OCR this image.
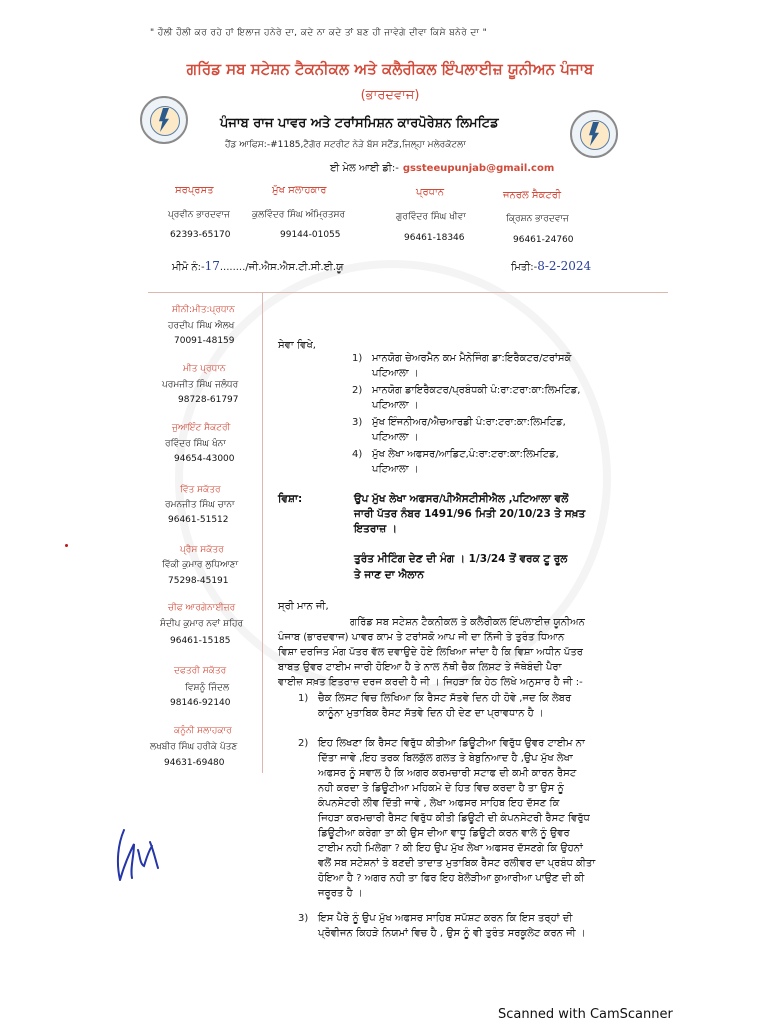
" ਹੌਲੀ ਹੌਲੀ ਕਰ ਰਹੇ ਹਾਂ ਇਲਾਜ ਹਨੇਰੇ ਦਾ, ਕਦੇ ਨਾ ਕਦੇ ਤਾਂ ਬਣ ਹੀ ਜਾਵੇਗੇ ਦੀਵਾ ਕਿਸੇ ਬਨੇਰੇ ਦਾ "
ਗਰਿੱਡ ਸਬ ਸਟੇਸ਼ਨ ਟੈਕਨੀਕਲ ਅਤੇ ਕਲੈਰੀਕਲ ਇੰਪਲਾਈਜ਼ ਯੂਨੀਅਨ ਪੰਜਾਬ
(ਭਾਰਦਵਾਜ)
ਪੰਜਾਬ ਰਾਜ ਪਾਵਰ ਅਤੇ ਟਰਾਂਸਮਿਸ਼ਨ ਕਾਰਪੋਰੇਸ਼ਨ ਲਿਮਟਿਡ
ਹੈਂਡ ਆਫਿਸ:-#1185,ਟੈਗੋਰ ਸਟਰੀਟ ਨੇੜੇ ਬੱਸ ਸਟੈਂਡ,ਜਿਲ੍ਹਾ ਮਲੇਰਕੋਟਲਾ
ਈ ਮੇਲ ਆਈ ਡੀ:- gssteeupunjab@gmail.com
ਸਰਪ੍ਰਸਤ
ਪ੍ਰਵੀਨ ਭਾਰਦਵਾਜ
62393-65170
ਮੁੱਖ ਸਲਾਹਕਾਰ
ਕੁਲਵਿੰਦਰ ਸਿੰਘ ਅੰਮ੍ਰਿਤਸਰ
99144-01055
ਪ੍ਰਧਾਨ
ਗੁਰਵਿੰਦਰ ਸਿੰਘ ਖੀਵਾ
96461-18346
ਜਨਰਲ ਸੈਕਟਰੀ
ਕ੍ਰਿਸ਼ਨ ਭਾਰਦਵਾਜ
96461-24760
ਮੀਮੋ ਨੰ:-17......../ਜੀ.ਐਸ.ਐਸ.ਟੀ.ਸੀ.ਈ.ਯੂ	ਮਿਤੀ:-8-2-2024
ਸੀਨੀ:ਮੀਤ:ਪ੍ਰਧਾਨ
ਹਰਦੀਪ ਸਿੰਘ ਐਲਖ
70091-48159
ਮੀਤ ਪ੍ਰਧਾਨ
ਪਰਮਜੀਤ ਸਿੰਘ ਜਲੰਧਰ
98728-61797
ਜੁਆਇੰਟ ਸੈਕਟਰੀ
ਰਵਿੰਦਰ ਸਿੰਘ ਖੰਨਾ
94654-43000
ਵਿੱਤ ਸਕੱਤਰ
ਰਮਨਜੀਤ ਸਿੰਘ ਚਾਨਾ
96461-51512
ਪ੍ਰੈਸ ਸਕੱਤਰ
ਵਿੱਕੀ ਕੁਮਾਰ ਲੁਧਿਆਣਾ
75298-45191
ਚੀਫ ਆਰਗੇਨਾਈਜ਼ਰ
ਸੰਦੀਪ ਕੁਮਾਰ ਨਵਾਂ ਸ਼ਹਿਰ
96461-15185
ਦਫਤਰੀ ਸਕੱਤਰ
ਵਿਸ਼ਨੂੰ ਜਿੰਦਲ
98146-92140
ਕਨੂੰਨੀ ਸਲਾਹਕਾਰ
ਲਖਬੀਰ ਸਿੰਘ ਹਰੀਕੇ ਪੱਤਣ
94631-69480
ਸੇਵਾ ਵਿਖੇ,
1) ਮਾਨਯੋਗ ਚੇਅਰਮੈਨ ਕਮ ਮੈਨੇਜਿੰਗ ਡਾ:ਇਰੈਕਟਰ/ਟਰਾਂਸਕੋ
ਪਟਿਆਲਾ ।
2) ਮਾਨਯੋਗ ਡਾਇਰੈਕਟਰ/ਪ੍ਰਬੰਧਕੀ ਪੰ:ਰਾ:ਟਰਾ:ਕਾ:ਲਿਮਟਿਡ,
ਪਟਿਆਲਾ ।
3) ਮੁੱਖ ਇੰਜਨੀਅਰ/ਐਚਆਰਡੀ ਪੰ:ਰਾ:ਟਰਾ:ਕਾ:ਲਿਮਟਿਡ,
ਪਟਿਆਲਾ ।
4) ਮੁੱਖ ਲੇਖਾ ਅਫਸਰ/ਆਡਿਟ,ਪੰ:ਰਾ:ਟਰਾ:ਕਾ:ਲਿਮਟਿਡ,
ਪਟਿਆਲਾ ।
ਵਿਸ਼ਾ:	ਉਪ ਮੁੱਖ ਲੇਖਾ ਅਫਸਰ/ਪੀਐਸਟੀਸੀਐਲ ,ਪਟਿਆਲਾ ਵਲੋਂ
ਜਾਰੀ ਪੱਤਰ ਨੰਬਰ 1491/96 ਮਿਤੀ 20/10/23 ਤੇ ਸਖ਼ਤ
ਇਤਰਾਜ਼ ।
ਤੁਰੰਤ ਮੀਟਿੰਗ ਦੇਣ ਦੀ ਮੰਗ । 1/3/24 ਤੋਂ ਵਰਕ ਟੂ ਰੂਲ
ਤੇ ਜਾਣ ਦਾ ਐਲਾਨ
ਸ੍ਰੀ ਮਾਨ ਜੀ,
ਗਰਿੱਡ ਸਬ ਸਟੇਸ਼ਨ ਟੈਕਨੀਕਲ ਤੇ ਕਲੈਰੀਕਲ ਇੰਪਲਾਈਜ਼ ਯੂਨੀਅਨ
ਪੰਜਾਬ (ਭਾਰਦਵਾਜ) ਪਾਵਰ ਕਾਮ ਤੇ ਟਰਾਂਸਕੋ ਆਪ ਜੀ ਦਾ ਨਿੱਜੀ ਤੇ ਤੁਰੰਤ ਧਿਆਨ
ਵਿਸ਼ਾ ਦਰਜਿਤ ਮੰਗ ਪੱਤਰ ਵੱਲ ਦਵਾਉਦੇ ਹੋਏ ਲਿਖਿਆ ਜਾਂਦਾ ਹੈ ਕਿ ਵਿਸ਼ਾ ਅਧੀਨ ਪੱਤਰ
ਬਾਬਤ ਉਵਰ ਟਾਈਮ ਜਾਰੀ ਹੋਇਆ ਹੈ ਤੇ ਨਾਲ ਨੱਥੀ ਚੈਕ ਲਿਸਟ ਤੇ ਜੱਥੇਬੰਦੀ ਪੈਰਾ
ਵਾਈਜ਼ ਸਖ਼ਤ ਇਤਰਾਜ਼ ਦਰਜ ਕਰਦੀ ਹੈ ਜੀ । ਜਿਹੜਾ ਕਿ ਹੇਠ ਲਿਖੇ ਅਨੁਸਾਰ ਹੈ ਜੀ :-
1) ਚੈਕ ਲਿਸਟ ਵਿਚ ਲਿਖਿਆ ਕਿ ਰੈਸਟ ਸੱਤਵੇ ਦਿਨ ਹੀ ਹੋਵੇ ,ਜਦ ਕਿ ਲੇਬਰ
ਕਾਨੂੰਨਾ ਮੁਤਾਬਿਕ ਰੈਸਟ ਸੱਤਵੇ ਦਿਨ ਹੀ ਦੇਣ ਦਾ ਪ੍ਰਾਵਧਾਨ ਹੈ ।
2) ਇਹ ਲਿਖਣਾ ਕਿ ਰੈਸਟ ਵਿਰੁੱਧ ਕੀਤੀਆ ਡਿਊਟੀਆ ਵਿਰੁੱਧ ਉਵਰ ਟਾਈਮ ਨਾ
ਦਿੱਤਾ ਜਾਵੇ ,ਇਹ ਤਰਕ ਬਿਲਕੁੱਲ ਗਲਤ ਤੇ ਬੇਬੁਨਿਆਦ ਹੈ ,ਉਪ ਮੁੱਖ ਲੇਖਾ
ਅਫਸਰ ਨੂੰ ਸਵਾਲ ਹੈ ਕਿ ਅਗਰ ਕਰਮਚਾਰੀ ਸਟਾਫ ਦੀ ਕਮੀ ਕਾਰਨ ਰੈਸਟ
ਨਹੀ ਕਰਦਾ ਤੇ ਡਿਊਟੀਆ ਮਹਿਕਮੇ ਦੇ ਹਿਤ ਵਿਚ ਕਰਦਾ ਹੈ ਤਾ ਉਸ ਨੂੰ
ਕੰਪਨਸੇਟਰੀ ਲੀਵ ਦਿੱਤੀ ਜਾਵੇ , ਲੇਖਾ ਅਫਸਰ ਸਾਹਿਬ ਇਹ ਦੱਸਣ ਕਿ
ਜਿਹੜਾ ਕਰਮਚਾਰੀ ਰੈਸਟ ਵਿਰੁੱਧ ਕੀਤੀ ਡਿਊਟੀ ਦੀ ਕੰਪਨਸੇਟਰੀ ਰੈਸਟ ਵਿਰੁੱਧ
ਡਿਊਟੀਆ ਕਰੇਗਾ ਤਾ ਕੀ ਉਸ ਦੀਆ ਵਾਧੂ ਡਿਊਟੀ ਕਰਨ ਵਾਲੇ ਨੂੰ ਉਵਰ
ਟਾਈਮ ਨਹੀ ਮਿਲੇਗਾ ? ਕੀ ਇਹ ਉਪ ਮੁੱਖ ਲੇਖਾ ਅਫਸਰ ਦੱਸਣਗੇ ਕਿ ਉਹਨਾਂ
ਵਲੋਂ ਸਬ ਸਟੇਸ਼ਨਾਂ ਤੇ ਬਣਦੀ ਤਾਦਾਤ ਮੁਤਾਬਿਕ ਰੈਸਟ ਰਲੀਵਰ ਦਾ ਪ੍ਰਬੰਧ ਕੀਤਾ
ਹੋਇਆ ਹੈ ? ਅਗਰ ਨਹੀ ਤਾ ਫਿਰ ਇਹ ਬੇਲੋੜੀਆ ਕੁਆਰੀਆ ਪਾਉਣ ਦੀ ਕੀ
ਜਰੂਰਤ ਹੈ ।
3) ਇਸ ਪੈਰੇ ਨੂੰ ਉਪ ਮੁੱਖ ਅਫਸਰ ਸਾਹਿਬ ਸਪੱਸ਼ਟ ਕਰਨ ਕਿ ਇਸ ਤਰ੍ਹਾਂ ਦੀ
ਪ੍ਰੋਵੀਜਨ ਕਿਹੜੇ ਨਿਯਮਾਂ ਵਿਚ ਹੈ , ਉਸ ਨੂੰ ਵੀ ਤੁਰੰਤ ਸਰਕੂਲੇਟ ਕਰਨ ਜੀ ।
Scanned with CamScanner
